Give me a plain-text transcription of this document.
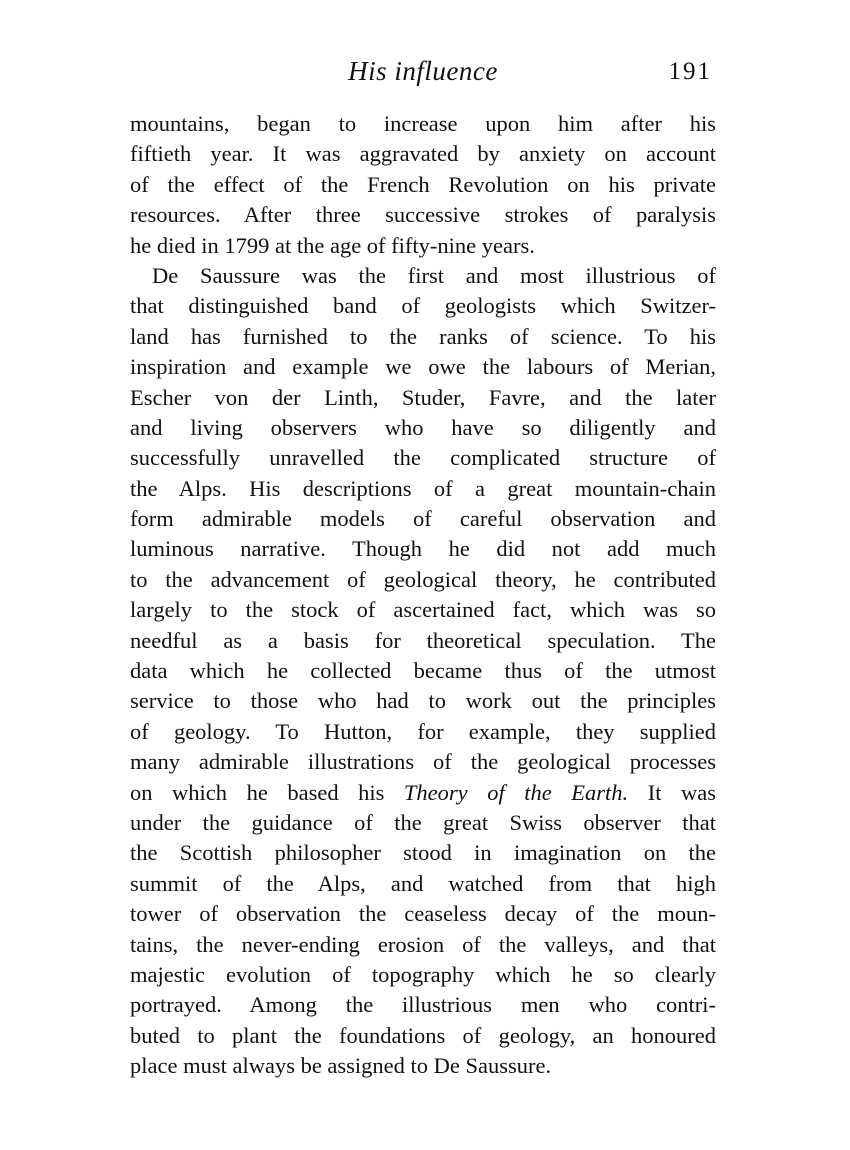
His influence	191
mountains, began to increase upon him after his
fiftieth year. It was aggravated by anxiety on account
of the effect of the French Revolution on his private
resources. After three successive strokes of paralysis
he died in 1799 at the age of fifty-nine years.
De Saussure was the first and most illustrious of
that distinguished band of geologists which Switzer-
land has furnished to the ranks of science. To his
inspiration and example we owe the labours of Merian,
Escher von der Linth, Studer, Favre, and the later
and living observers who have so diligently and
successfully unravelled the complicated structure of
the Alps. His descriptions of a great mountain-chain
form admirable models of careful observation and
luminous narrative. Though he did not add much
to the advancement of geological theory, he contributed
largely to the stock of ascertained fact, which was so
needful as a basis for theoretical speculation. The
data which he collected became thus of the utmost
service to those who had to work out the principles
of geology. To Hutton, for example, they supplied
many admirable illustrations of the geological processes
on which he based his Theory of the Earth. It was
under the guidance of the great Swiss observer that
the Scottish philosopher stood in imagination on the
summit of the Alps, and watched from that high
tower of observation the ceaseless decay of the moun-
tains, the never-ending erosion of the valleys, and that
majestic evolution of topography which he so clearly
portrayed. Among the illustrious men who contri-
buted to plant the foundations of geology, an honoured
place must always be assigned to De Saussure.
